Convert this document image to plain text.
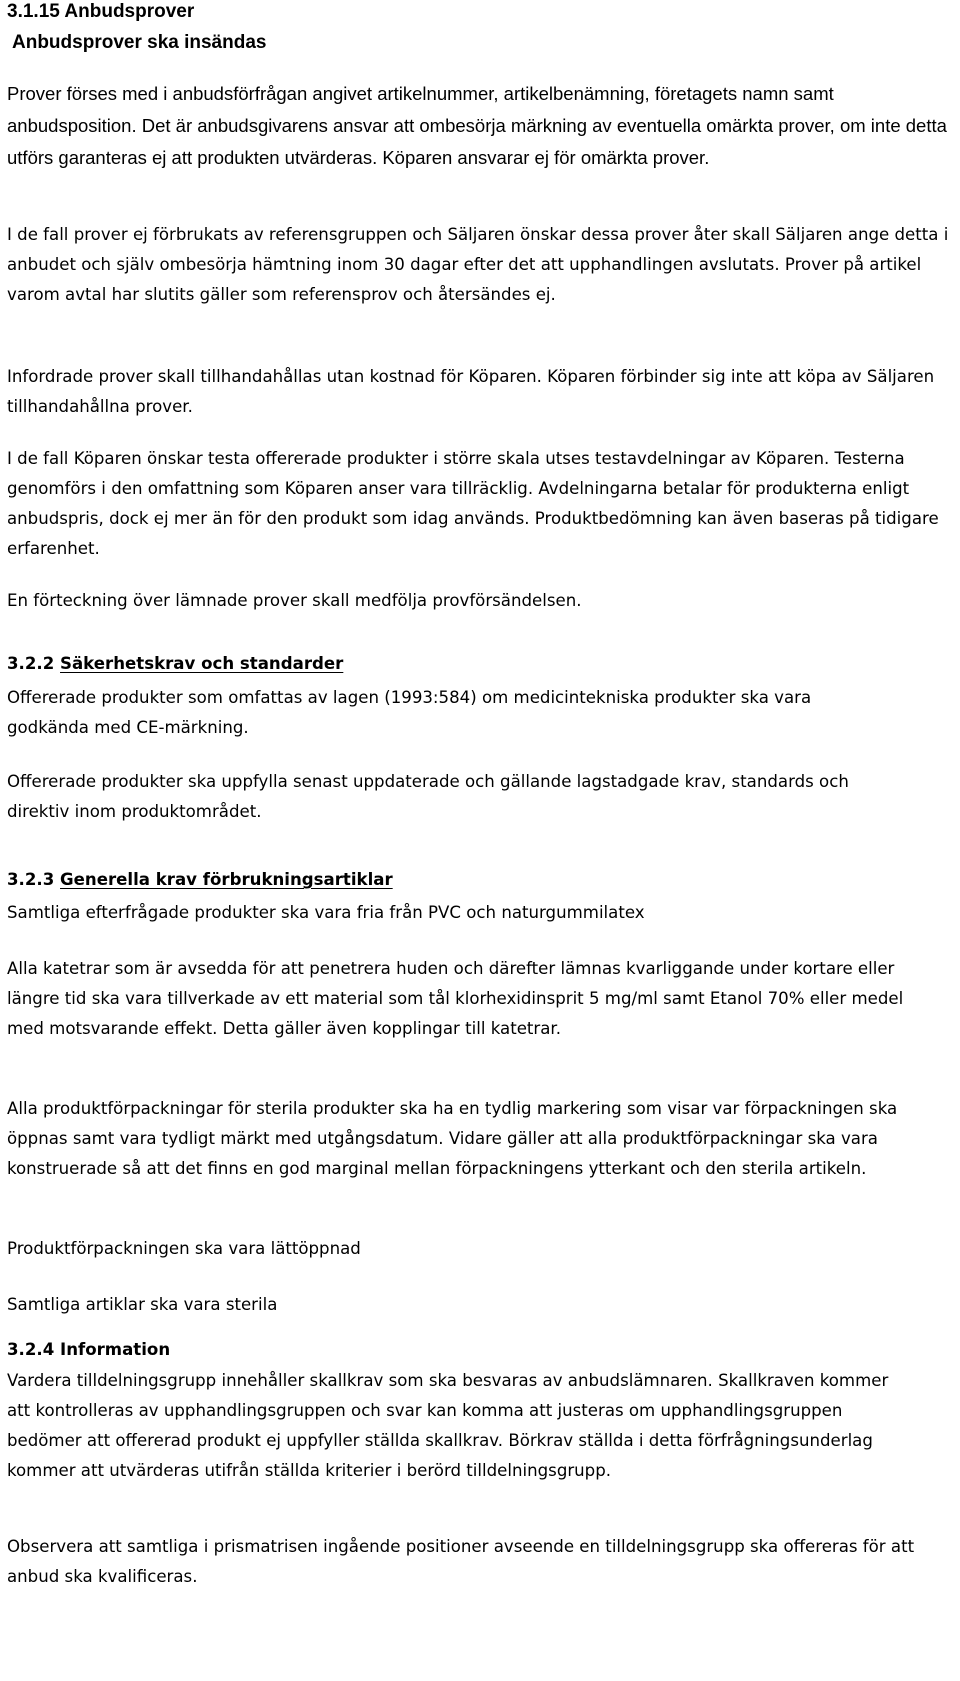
3.1.15 Anbudsprover
Anbudsprover ska insändas

Prover förses med i anbudsförfrågan angivet artikelnummer, artikelbenämning, företagets namn samt anbudsposition. Det är anbudsgivarens ansvar att ombesörja märkning av eventuella omärkta prover, om inte detta utförs garanteras ej att produkten utvärderas. Köparen ansvarar ej för omärkta prover.

I de fall prover ej förbrukats av referensgruppen och Säljaren önskar dessa prover åter skall Säljaren ange detta i anbudet och själv ombesörja hämtning inom 30 dagar efter det att upphandlingen avslutats. Prover på artikel varom avtal har slutits gäller som referensprov och återsändes ej.

Infordrade prover skall tillhandahållas utan kostnad för Köparen. Köparen förbinder sig inte att köpa av Säljaren tillhandahållna prover.

I de fall Köparen önskar testa offererade produkter i större skala utses testavdelningar av Köparen. Testerna genomförs i den omfattning som Köparen anser vara tillräcklig. Avdelningarna betalar för produkterna enligt anbudspris, dock ej mer än för den produkt som idag används. Produktbedömning kan även baseras på tidigare erfarenhet.

En förteckning över lämnade prover skall medfölja provförsändelsen.

3.2.2 Säkerhetskrav och standarder

Offererade produkter som omfattas av lagen (1993:584) om medicintekniska produkter ska vara godkända med CE-märkning.

Offererade produkter ska uppfylla senast uppdaterade och gällande lagstadgade krav, standards och direktiv inom produktområdet.

3.2.3 Generella krav förbrukningsartiklar

Samtliga efterfrågade produkter ska vara fria från PVC och naturgummilatex

Alla katetrar som är avsedda för att penetrera huden och därefter lämnas kvarliggande under kortare eller längre tid ska vara tillverkade av ett material som tål klorhexidinsprit 5 mg/ml samt Etanol 70% eller medel med motsvarande effekt. Detta gäller även kopplingar till katetrar.

Alla produktförpackningar för sterila produkter ska ha en tydlig markering som visar var förpackningen ska öppnas samt vara tydligt märkt med utgångsdatum. Vidare gäller att alla produktförpackningar ska vara konstruerade så att det finns en god marginal mellan förpackningens ytterkant och den sterila artikeln.

Produktförpackningen ska vara lättöppnad

Samtliga artiklar ska vara sterila

3.2.4 Information

Vardera tilldelningsgrupp innehåller skallkrav som ska besvaras av anbudslämnaren. Skallkraven kommer att kontrolleras av upphandlingsgruppen och svar kan komma att justeras om upphandlingsgruppen bedömer att offererad produkt ej uppfyller ställda skallkrav. Börkrav ställda i detta förfrågningsunderlag kommer att utvärderas utifrån ställda kriterier i berörd tilldelningsgrupp.

Observera att samtliga i prismatrisen ingående positioner avseende en tilldelningsgrupp ska offereras för att anbud ska kvalificeras.
